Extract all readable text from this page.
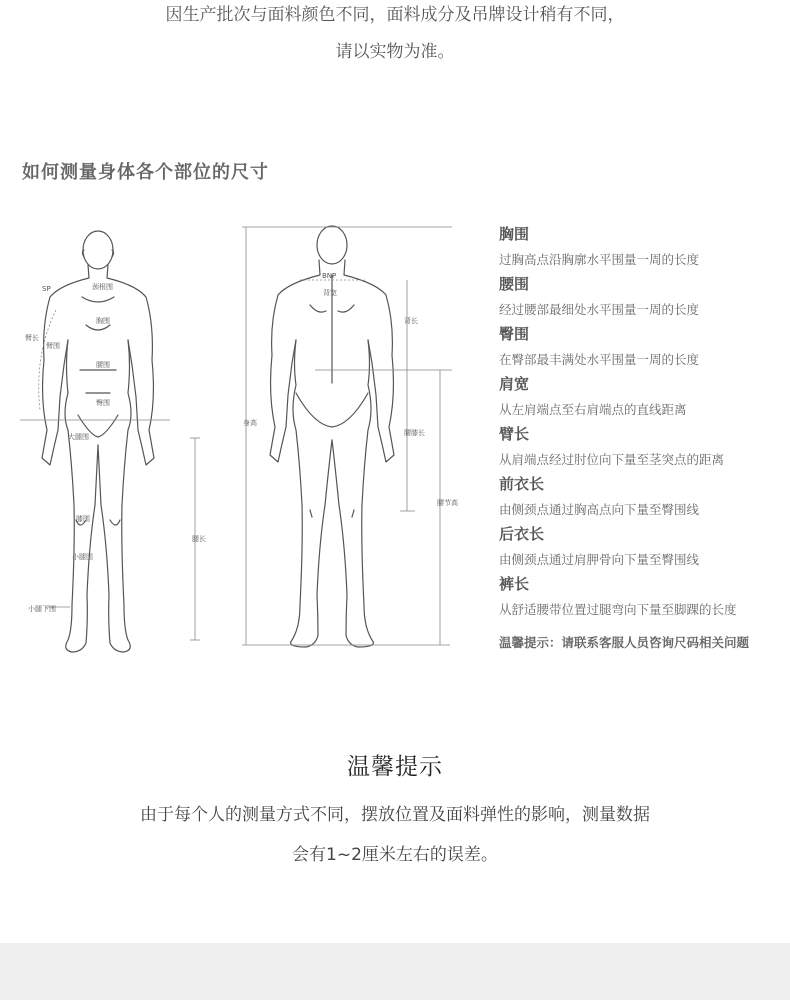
因生产批次与面料颜色不同，面料成分及吊牌设计稍有不同，
请以实物为准。
如何测量身体各个部位的尺寸
SP	颈根围
胸围
臂长
臂围
腰围
臀围
大腿围
膝围
小腿围
小腿下围
腿长
身高
BNP
背宽
背长
腰膝长
腰节高
胸围
过胸高点沿胸廓水平围量一周的长度
腰围
经过腰部最细处水平围量一周的长度
臀围
在臀部最丰满处水平围量一周的长度
肩宽
从左肩端点至右肩端点的直线距离
臂长
从肩端点经过肘位向下量至茎突点的距离
前衣长
由侧颈点通过胸高点向下量至臀围线
后衣长
由侧颈点通过肩胛骨向下量至臀围线
裤长
从舒适腰带位置过腿弯向下量至脚踝的长度
温馨提示：请联系客服人员咨询尺码相关问题
温馨提示
由于每个人的测量方式不同，摆放位置及面料弹性的影响，测量数据
会有1~2厘米左右的误差。
